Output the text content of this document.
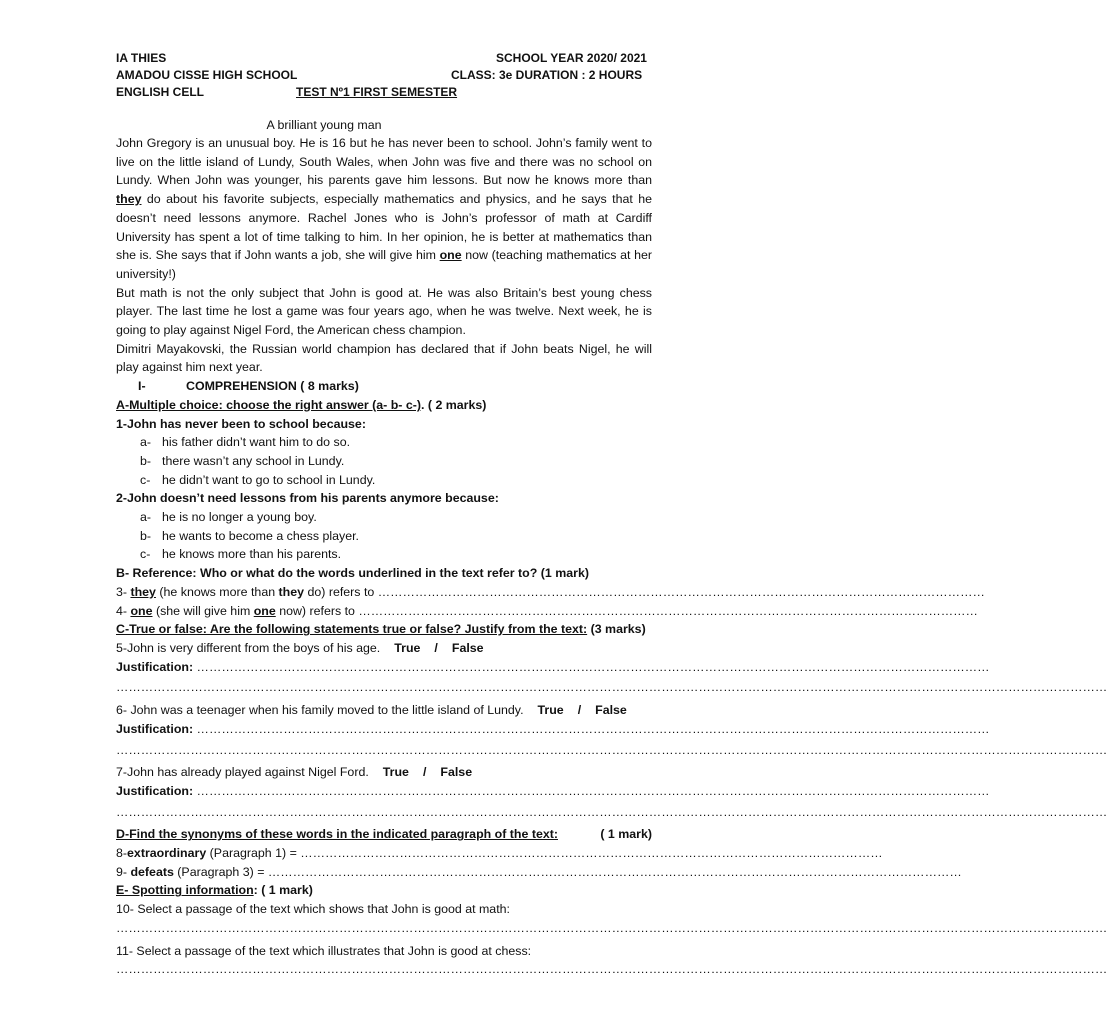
IA THIES	SCHOOL YEAR 2020/ 2021
AMADOU CISSE HIGH SCHOOL	CLASS: 3e DURATION : 2 HOURS
ENGLISH CELL	TEST Nº1 FIRST SEMESTER
A brilliant young man

John Gregory is an unusual boy. He is 16 but he has never been to school. John’s family went to live on the little island of Lundy, South Wales, when John was five and there was no school on Lundy. When John was younger, his parents gave him lessons. But now he knows more than they do about his favorite subjects, especially mathematics and physics, and he says that he doesn’t need lessons anymore. Rachel Jones who is John’s professor of math at Cardiff University has spent a lot of time talking to him. In her opinion, he is better at mathematics than she is. She says that if John wants a job, she will give him one now (teaching mathematics at her university!)

But math is not the only subject that John is good at. He was also Britain’s best young chess player. The last time he lost a game was four years ago, when he was twelve. Next week, he is going to play against Nigel Ford, the American chess champion.

Dimitri Mayakovski, the Russian world champion has declared that if John beats Nigel, he will play against him next year.

I-	COMPREHENSION ( 8 marks)
A-Multiple choice: choose the right answer (a- b- c-). ( 2 marks)
1-John has never been to school because:
a- his father didn’t want him to do so.
b- there wasn’t any school in Lundy.
c- he didn’t want to go to school in Lundy.
2-John doesn’t need lessons from his parents anymore because:
a- he is no longer a young boy.
b- he wants to become a chess player.
c- he knows more than his parents.
B- Reference: Who or what do the words underlined in the text refer to? (1 mark)
3- they (he knows more than they do) refers to …………………………………………………………………………………………………………………………………
4- one (she will give him one now) refers to ……………………………………………………………………………………………………………………………………
C-True or false: Are the following statements true or false? Justify from the text: (3 marks)
5-John is very different from the boys of his age. True / False
Justification: …………………………………………………………………………………………………………………………………………………………………………
……………………………………………………………………………………………………………………………………………………………………………………………………………………
6- John was a teenager when his family moved to the little island of Lundy. True / False
Justification: …………………………………………………………………………………………………………………………………………………………………………
……………………………………………………………………………………………………………………………………………………………………………………………………………………
7-John has already played against Nigel Ford. True / False
Justification: …………………………………………………………………………………………………………………………………………………………………………
……………………………………………………………………………………………………………………………………………………………………………………………………………………
D-Find the synonyms of these words in the indicated paragraph of the text:	( 1 mark)
8-extraordinary (Paragraph 1) = ……………………………………………………………………………………………………………………………
9- defeats (Paragraph 3) = ……………………………………………………………………………………………………………………………………………………
E- Spotting information: ( 1 mark)
10- Select a passage of the text which shows that John is good at math:
……………………………………………………………………………………………………………………………………………………………………………………………………………………
11- Select a passage of the text which illustrates that John is good at chess:
……………………………………………………………………………………………………………………………………………………………………………………………………………………
